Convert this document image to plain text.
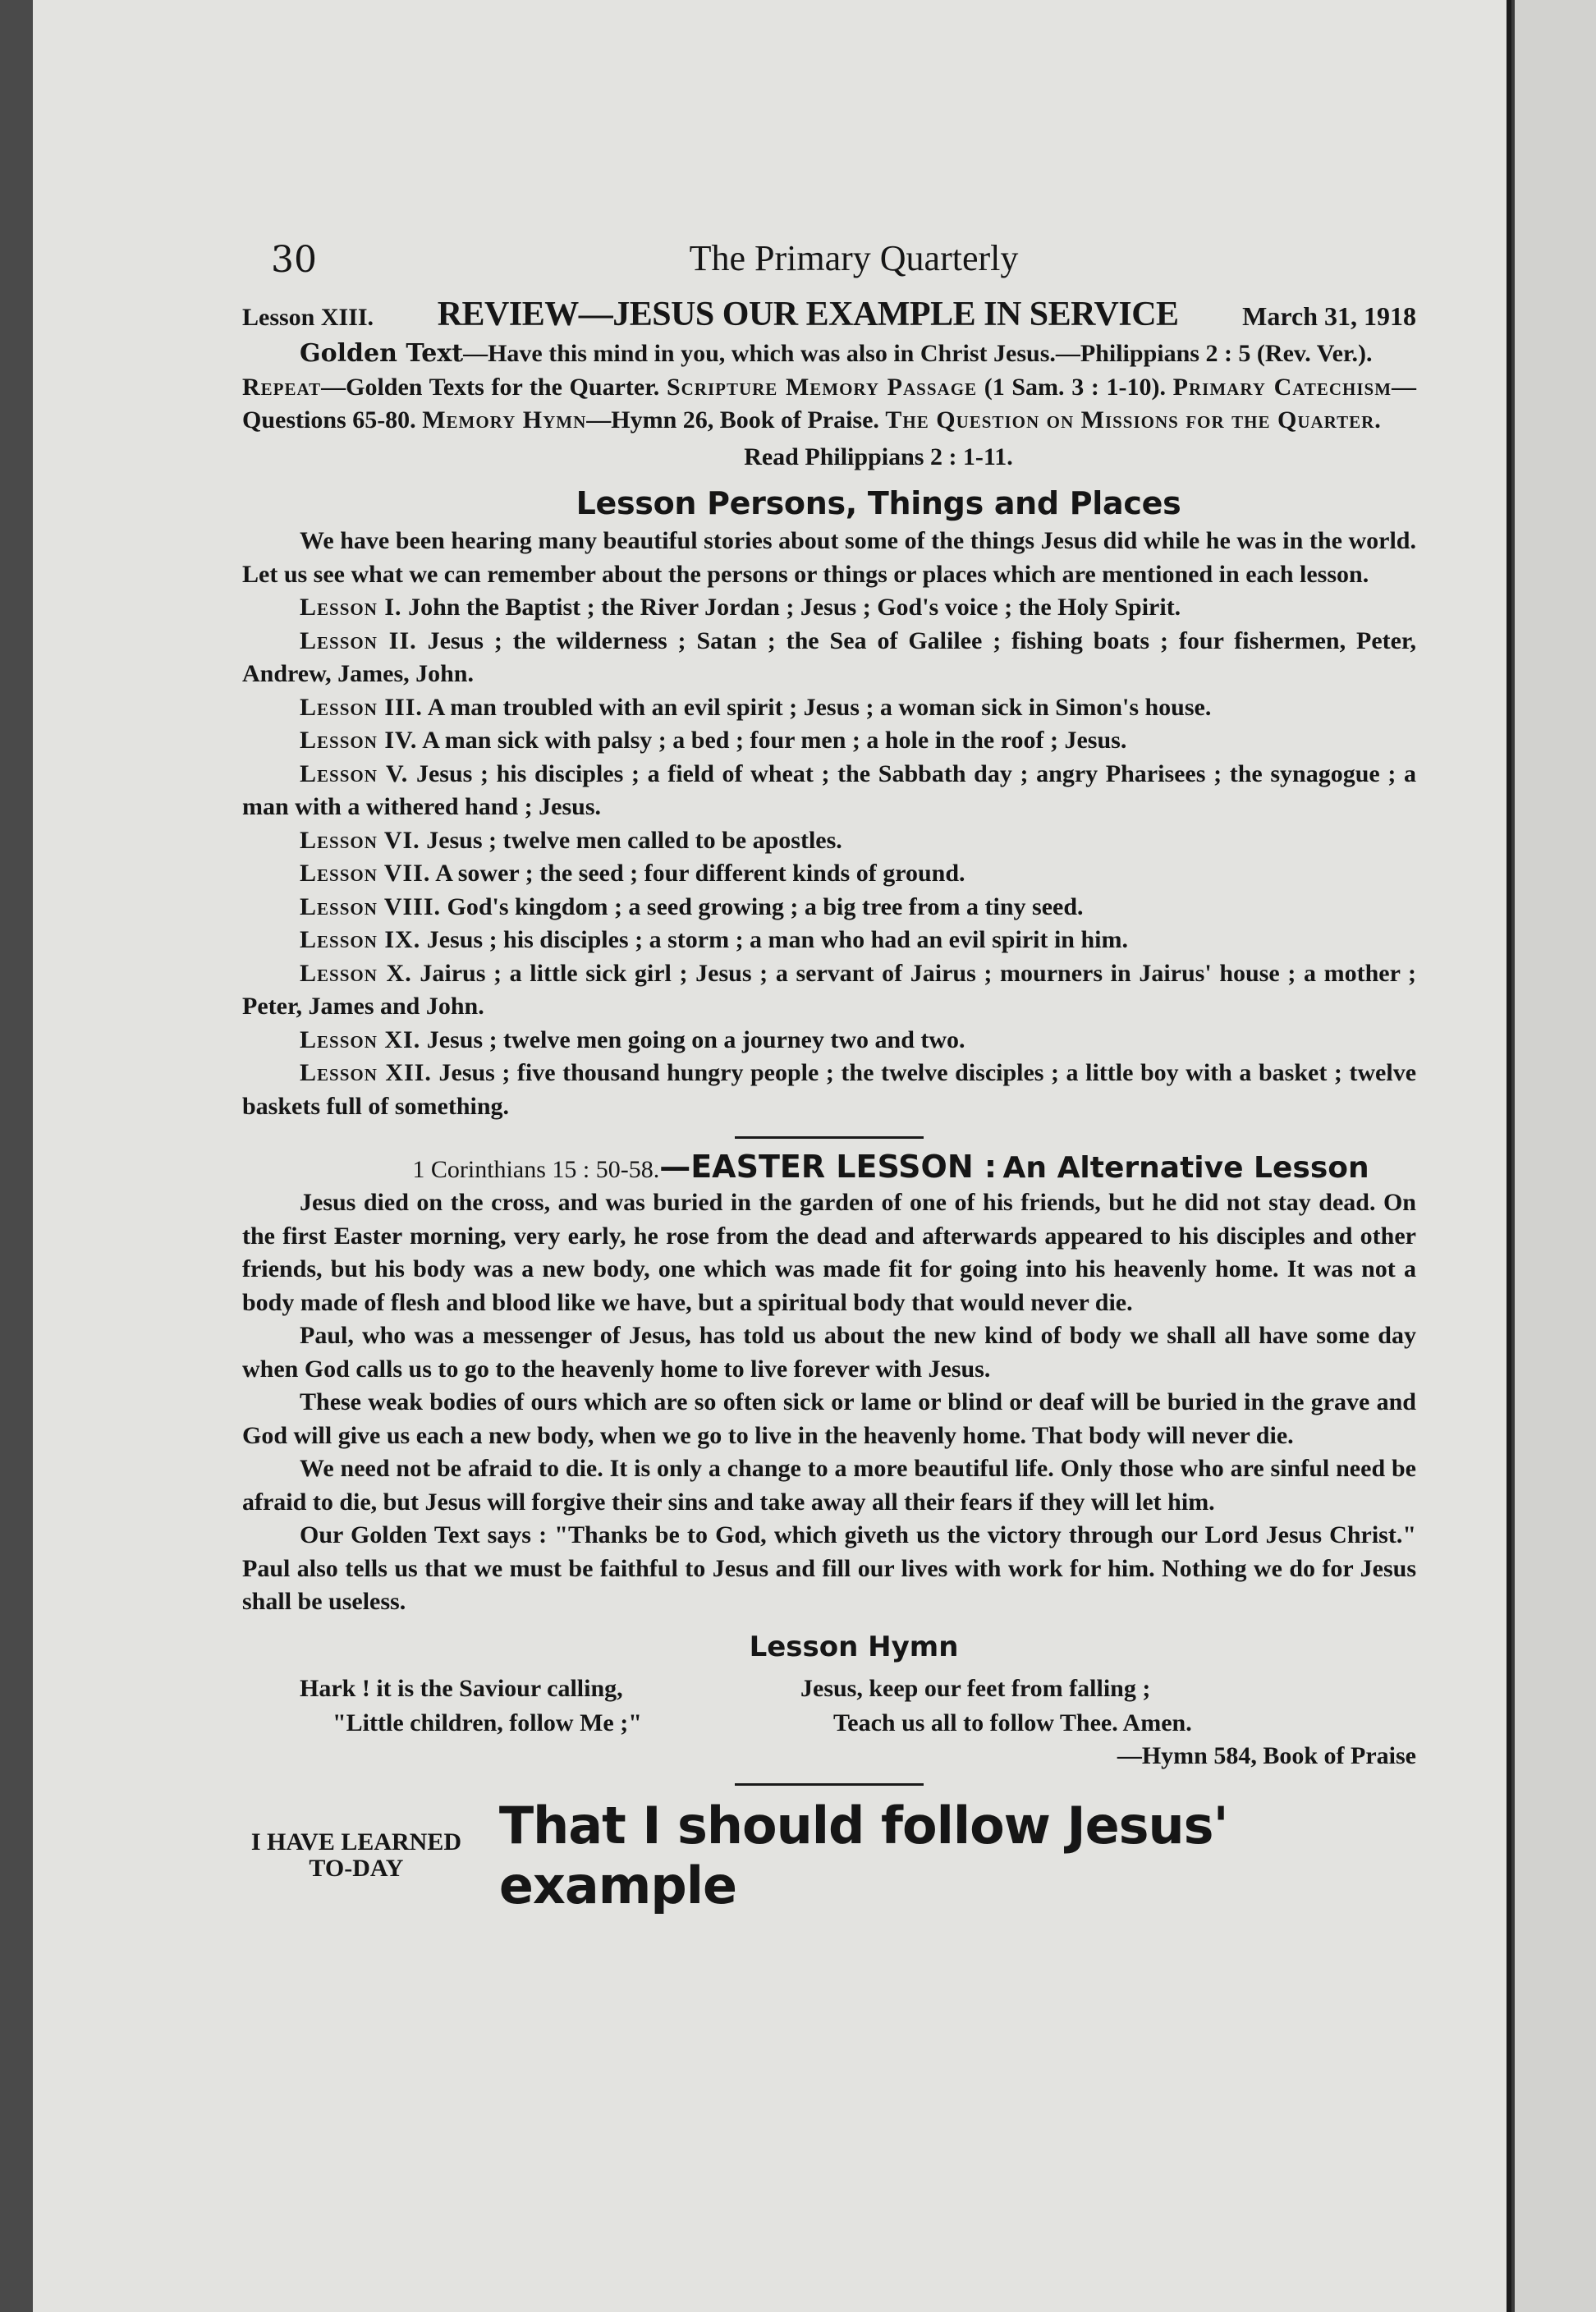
30	The Primary Quarterly
Lesson XIII.	REVIEW—JESUS OUR EXAMPLE IN SERVICE	March 31, 1918

Golden Text—Have this mind in you, which was also in Christ Jesus.—Philippians 2 : 5 (Rev. Ver.).

Repeat—Golden Texts for the Quarter. Scripture Memory Passage (1 Sam. 3 : 1-10). Primary Catechism—Questions 65-80. Memory Hymn—Hymn 26, Book of Praise. The Question on Missions for the Quarter.

Read Philippians 2 : 1-11.

Lesson Persons, Things and Places

We have been hearing many beautiful stories about some of the things Jesus did while he was in the world. Let us see what we can remember about the persons or things or places which are mentioned in each lesson.

Lesson I. John the Baptist ; the River Jordan ; Jesus ; God's voice ; the Holy Spirit.

Lesson II. Jesus ; the wilderness ; Satan ; the Sea of Galilee ; fishing boats ; four fishermen, Peter, Andrew, James, John.

Lesson III. A man troubled with an evil spirit ; Jesus ; a woman sick in Simon's house.

Lesson IV. A man sick with palsy ; a bed ; four men ; a hole in the roof ; Jesus.

Lesson V. Jesus ; his disciples ; a field of wheat ; the Sabbath day ; angry Pharisees ; the synagogue ; a man with a withered hand ; Jesus.

Lesson VI. Jesus ; twelve men called to be apostles.

Lesson VII. A sower ; the seed ; four different kinds of ground.

Lesson VIII. God's kingdom ; a seed growing ; a big tree from a tiny seed.

Lesson IX. Jesus ; his disciples ; a storm ; a man who had an evil spirit in him.

Lesson X. Jairus ; a little sick girl ; Jesus ; a servant of Jairus ; mourners in Jairus' house ; a mother ; Peter, James and John.

Lesson XI. Jesus ; twelve men going on a journey two and two.

Lesson XII. Jesus ; five thousand hungry people ; the twelve disciples ; a little boy with a basket ; twelve baskets full of something.

1 Corinthians 15 : 50-58.—EASTER LESSON : An Alternative Lesson

Jesus died on the cross, and was buried in the garden of one of his friends, but he did not stay dead. On the first Easter morning, very early, he rose from the dead and afterwards appeared to his disciples and other friends, but his body was a new body, one which was made fit for going into his heavenly home. It was not a body made of flesh and blood like we have, but a spiritual body that would never die.

Paul, who was a messenger of Jesus, has told us about the new kind of body we shall all have some day when God calls us to go to the heavenly home to live forever with Jesus.

These weak bodies of ours which are so often sick or lame or blind or deaf will be buried in the grave and God will give us each a new body, when we go to live in the heavenly home. That body will never die.

We need not be afraid to die. It is only a change to a more beautiful life. Only those who are sinful need be afraid to die, but Jesus will forgive their sins and take away all their fears if they will let him.

Our Golden Text says : "Thanks be to God, which giveth us the victory through our Lord Jesus Christ." Paul also tells us that we must be faithful to Jesus and fill our lives with work for him. Nothing we do for Jesus shall be useless.

Lesson Hymn
Hark ! it is the Saviour calling,
"Little children, follow Me ;"
Jesus, keep our feet from falling ;
Teach us all to follow Thee. Amen.
—Hymn 584, Book of Praise
I HAVE LEARNED
TO-DAY
That I should follow Jesus' example
